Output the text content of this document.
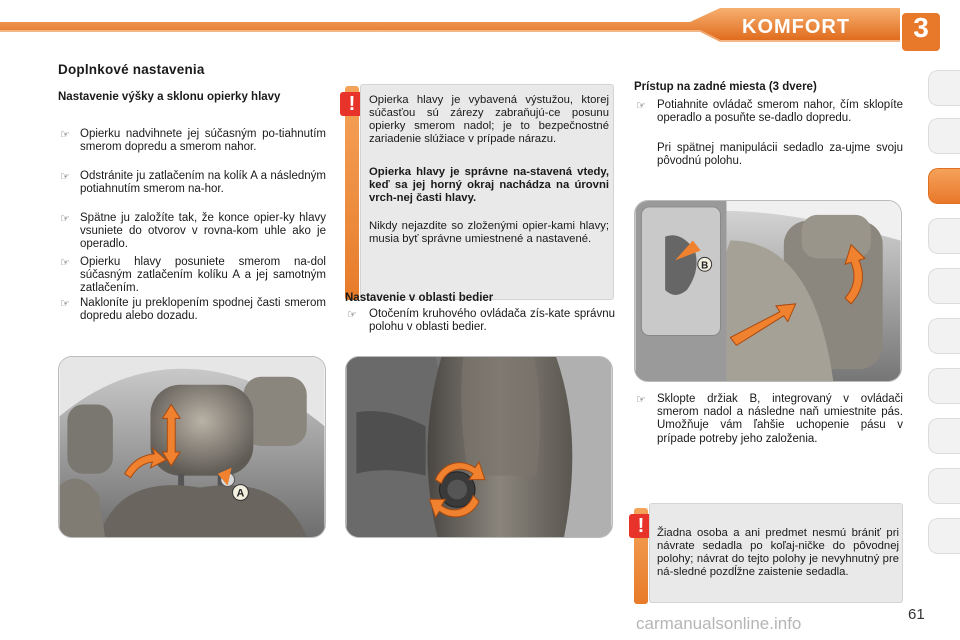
KOMFORT	3
Doplnkové nastavenia
Nastavenie výšky a sklonu opierky hlavy
☞ Opierku nadvihnete jej súčasným po-tiahnutím smerom dopredu a smerom nahor.
☞ Odstránite ju zatlačením na kolík A a následným potiahnutím smerom na-hor.
☞ Spätne ju založíte tak, že konce opier-ky hlavy vsuniete do otvorov v rovna-kom uhle ako je operadlo.
☞ Opierku hlavy posuniete smerom na-dol súčasným zatlačením kolíku A a jej samotným zatlačením.
☞ Nakloníte ju preklopením spodnej časti smerom dopredu alebo dozadu.
!	Opierka hlavy je vybavená výstužou, ktorej súčasťou sú zárezy zabraňujú-ce posunu opierky smerom nadol; je to bezpečnostné zariadenie slúžiace v prípade nárazu.
Opierka hlavy je správne na-stavená vtedy, keď sa jej horný okraj nachádza na úrovni vrch-nej časti hlavy.
Nikdy nejazdite so zloženými opier-kami hlavy; musia byť správne umiestnené a nastavené.
Nastavenie v oblasti bedier
☞ Otočením kruhového ovládača zís-kate správnu polohu v oblasti bedier.
Prístup na zadné miesta (3 dvere)
☞ Potiahnite ovládač smerom nahor, čím sklopíte operadlo a posuňte se-dadlo dopredu.
Pri spätnej manipulácii sedadlo za-ujme svoju pôvodnú polohu.
☞ Sklopte držiak B, integrovaný v ovládači smerom nadol a následne naň umiestnite pás. Umožňuje vám ľahšie uchopenie pásu v prípade potreby jeho založenia.
!	Žiadna osoba a ani predmet nesmú brániť pri návrate sedadla po koľaj-ničke do pôvodnej polohy; návrat do tejto polohy je nevyhnutný pre ná-sledné pozdĺžne zaistenie sedadla.
A
B
61
carmanualsonline.info
